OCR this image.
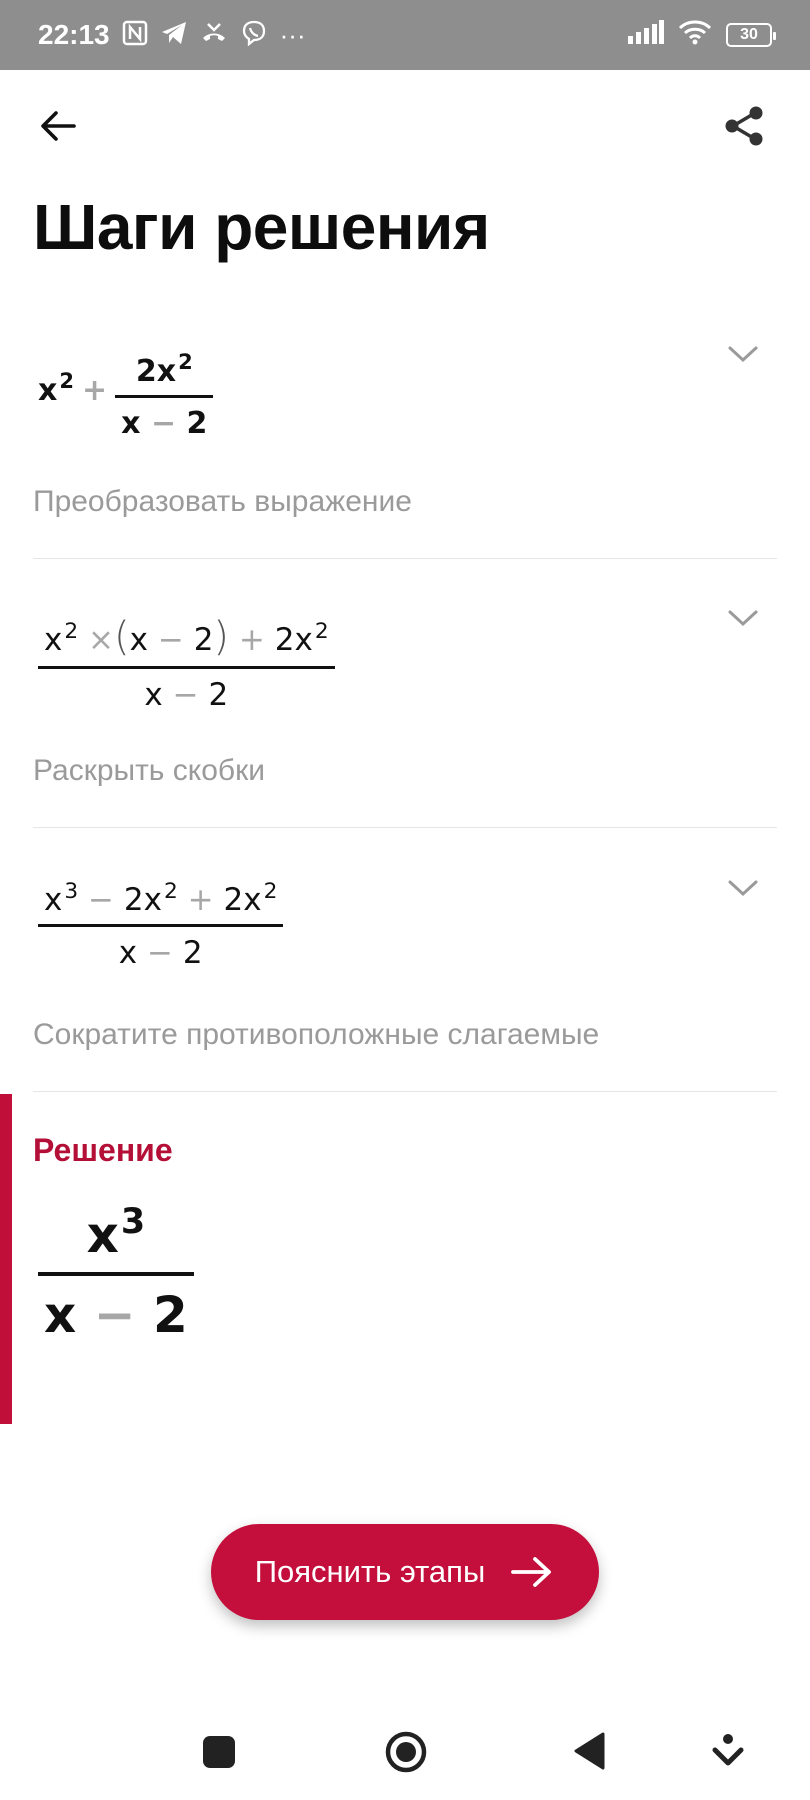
22:13	···	30
Шаги решения
$x^2 + \frac{2x^2}{x - 2}$
Преобразовать выражение
$\frac{x^2 \times(x - 2) + 2x^2}{x - 2}$
Раскрыть скобки
$\frac{x^3 - 2x^2 + 2x^2}{x - 2}$
Сократите противоположные слагаемые
Решение
$\frac{x^3}{x - 2}$
Пояснить этапы
